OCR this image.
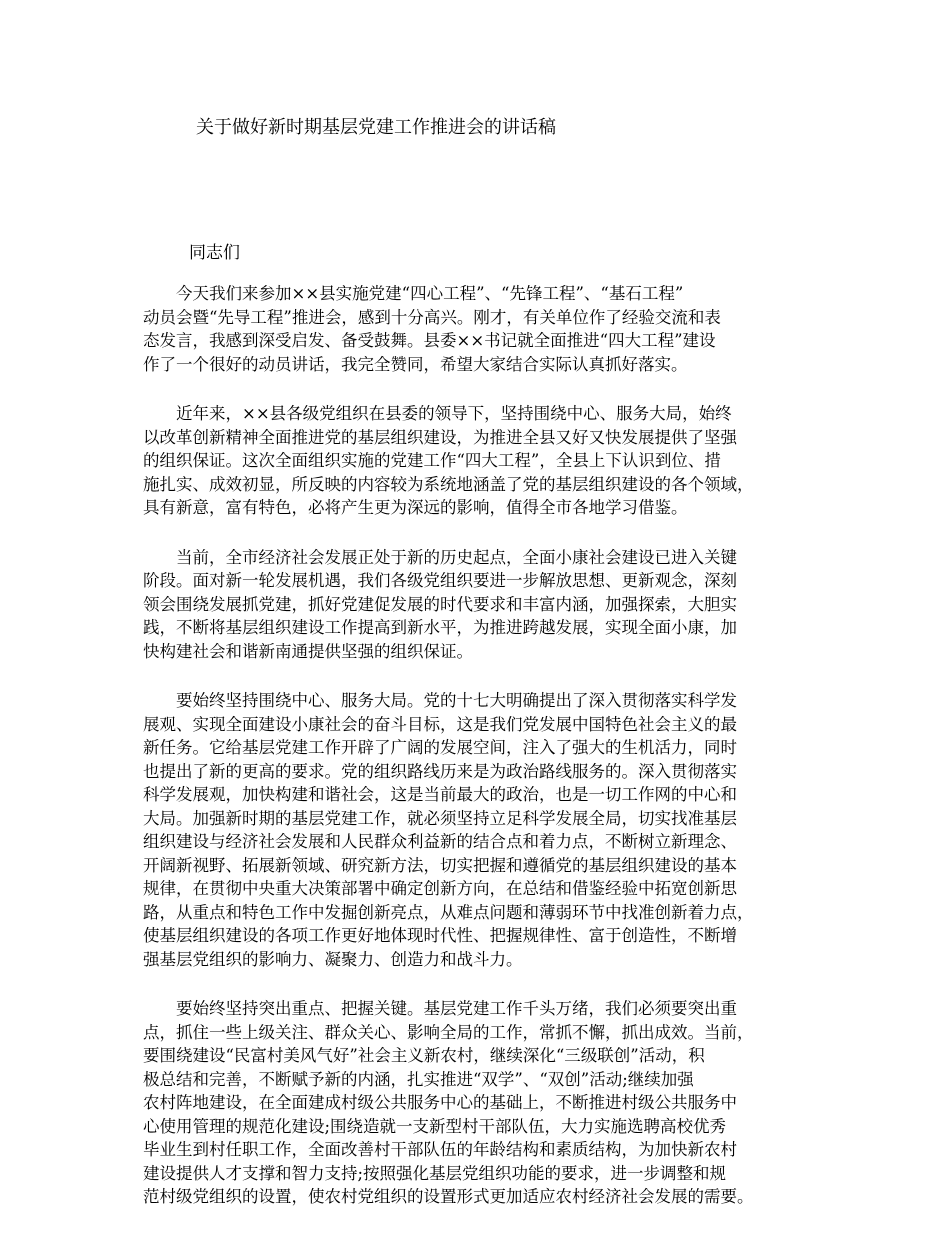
关于做好新时期基层党建工作推进会的讲话稿
同志们
　　今天我们来参加××县实施党建“四心工程”、“先锋工程”、“基石工程”
动员会暨“先导工程”推进会，感到十分高兴。刚才，有关单位作了经验交流和表
态发言，我感到深受启发、备受鼓舞。县委××书记就全面推进“四大工程”建设
作了一个很好的动员讲话，我完全赞同，希望大家结合实际认真抓好落实。
　　近年来，××县各级党组织在县委的领导下，坚持围绕中心、服务大局，始终
以改革创新精神全面推进党的基层组织建设，为推进全县又好又快发展提供了坚强
的组织保证。这次全面组织实施的党建工作“四大工程”，全县上下认识到位、措
施扎实、成效初显，所反映的内容较为系统地涵盖了党的基层组织建设的各个领域，
具有新意，富有特色，必将产生更为深远的影响，值得全市各地学习借鉴。
　　当前，全市经济社会发展正处于新的历史起点，全面小康社会建设已进入关键
阶段。面对新一轮发展机遇，我们各级党组织要进一步解放思想、更新观念，深刻
领会围绕发展抓党建，抓好党建促发展的时代要求和丰富内涵，加强探索，大胆实
践，不断将基层组织建设工作提高到新水平，为推进跨越发展，实现全面小康，加
快构建社会和谐新南通提供坚强的组织保证。
　　要始终坚持围绕中心、服务大局。党的十七大明确提出了深入贯彻落实科学发
展观、实现全面建设小康社会的奋斗目标，这是我们党发展中国特色社会主义的最
新任务。它给基层党建工作开辟了广阔的发展空间，注入了强大的生机活力，同时
也提出了新的更高的要求。党的组织路线历来是为政治路线服务的。深入贯彻落实
科学发展观，加快构建和谐社会，这是当前最大的政治，也是一切工作网的中心和
大局。加强新时期的基层党建工作，就必须坚持立足科学发展全局，切实找准基层
组织建设与经济社会发展和人民群众利益新的结合点和着力点，不断树立新理念、
开阔新视野、拓展新领域、研究新方法，切实把握和遵循党的基层组织建设的基本
规律，在贯彻中央重大决策部署中确定创新方向，在总结和借鉴经验中拓宽创新思
路，从重点和特色工作中发掘创新亮点，从难点问题和薄弱环节中找准创新着力点，
使基层组织建设的各项工作更好地体现时代性、把握规律性、富于创造性，不断增
强基层党组织的影响力、凝聚力、创造力和战斗力。
　　要始终坚持突出重点、把握关键。基层党建工作千头万绪，我们必须要突出重
点，抓住一些上级关注、群众关心、影响全局的工作，常抓不懈，抓出成效。当前，
要围绕建设“民富村美风气好”社会主义新农村，继续深化“三级联创”活动，积
极总结和完善，不断赋予新的内涵，扎实推进“双学”、“双创”活动;继续加强
农村阵地建设，在全面建成村级公共服务中心的基础上，不断推进村级公共服务中
心使用管理的规范化建设;围绕造就一支新型村干部队伍，大力实施选聘高校优秀
毕业生到村任职工作，全面改善村干部队伍的年龄结构和素质结构，为加快新农村
建设提供人才支撑和智力支持;按照强化基层党组织功能的要求，进一步调整和规
范村级党组织的设置，使农村党组织的设置形式更加适应农村经济社会发展的需要。
